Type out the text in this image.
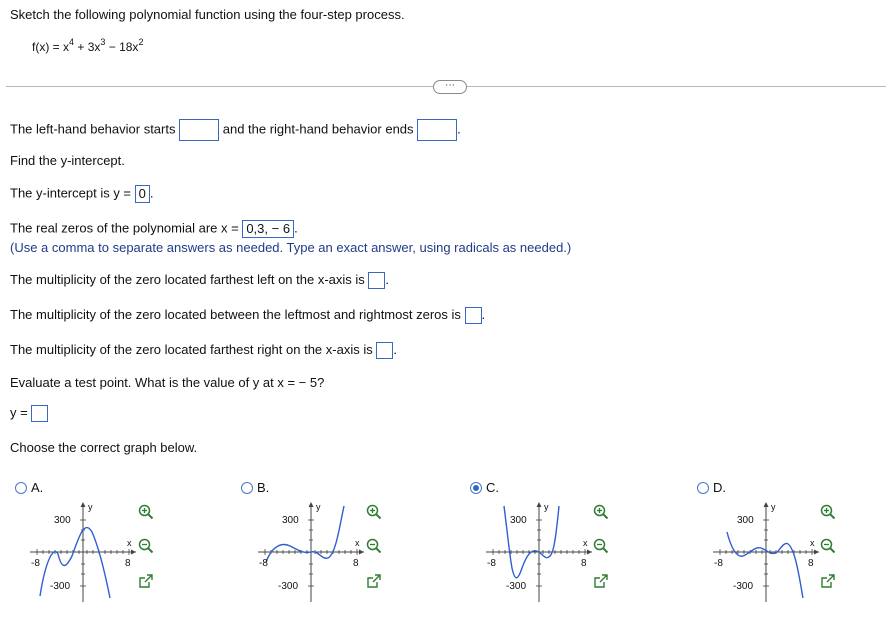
Sketch the following polynomial function using the four-step process.
$f(x) = x^4 + 3x^3 - 18x^2$
⋯
The left-hand behavior starts	and the right-hand behavior ends	.
Find the y-intercept.
The y-intercept is y = 0 .
The real zeros of the polynomial are x = 0,3, − 6 .
(Use a comma to separate answers as needed. Type an exact answer, using radicals as needed.)
The multiplicity of the zero located farthest left on the x-axis is .
The multiplicity of the zero located between the leftmost and rightmost zeros is .
The multiplicity of the zero located farthest right on the x-axis is .
Evaluate a test point. What is the value of y at x = − 5?
y =
Choose the correct graph below.
A.	B.	C.	D.
300
-300
-8	8
x
y
300
-300
-8	8
x
y
300
-300
-8	8
x
y
300
-300
-8	8
x
y
